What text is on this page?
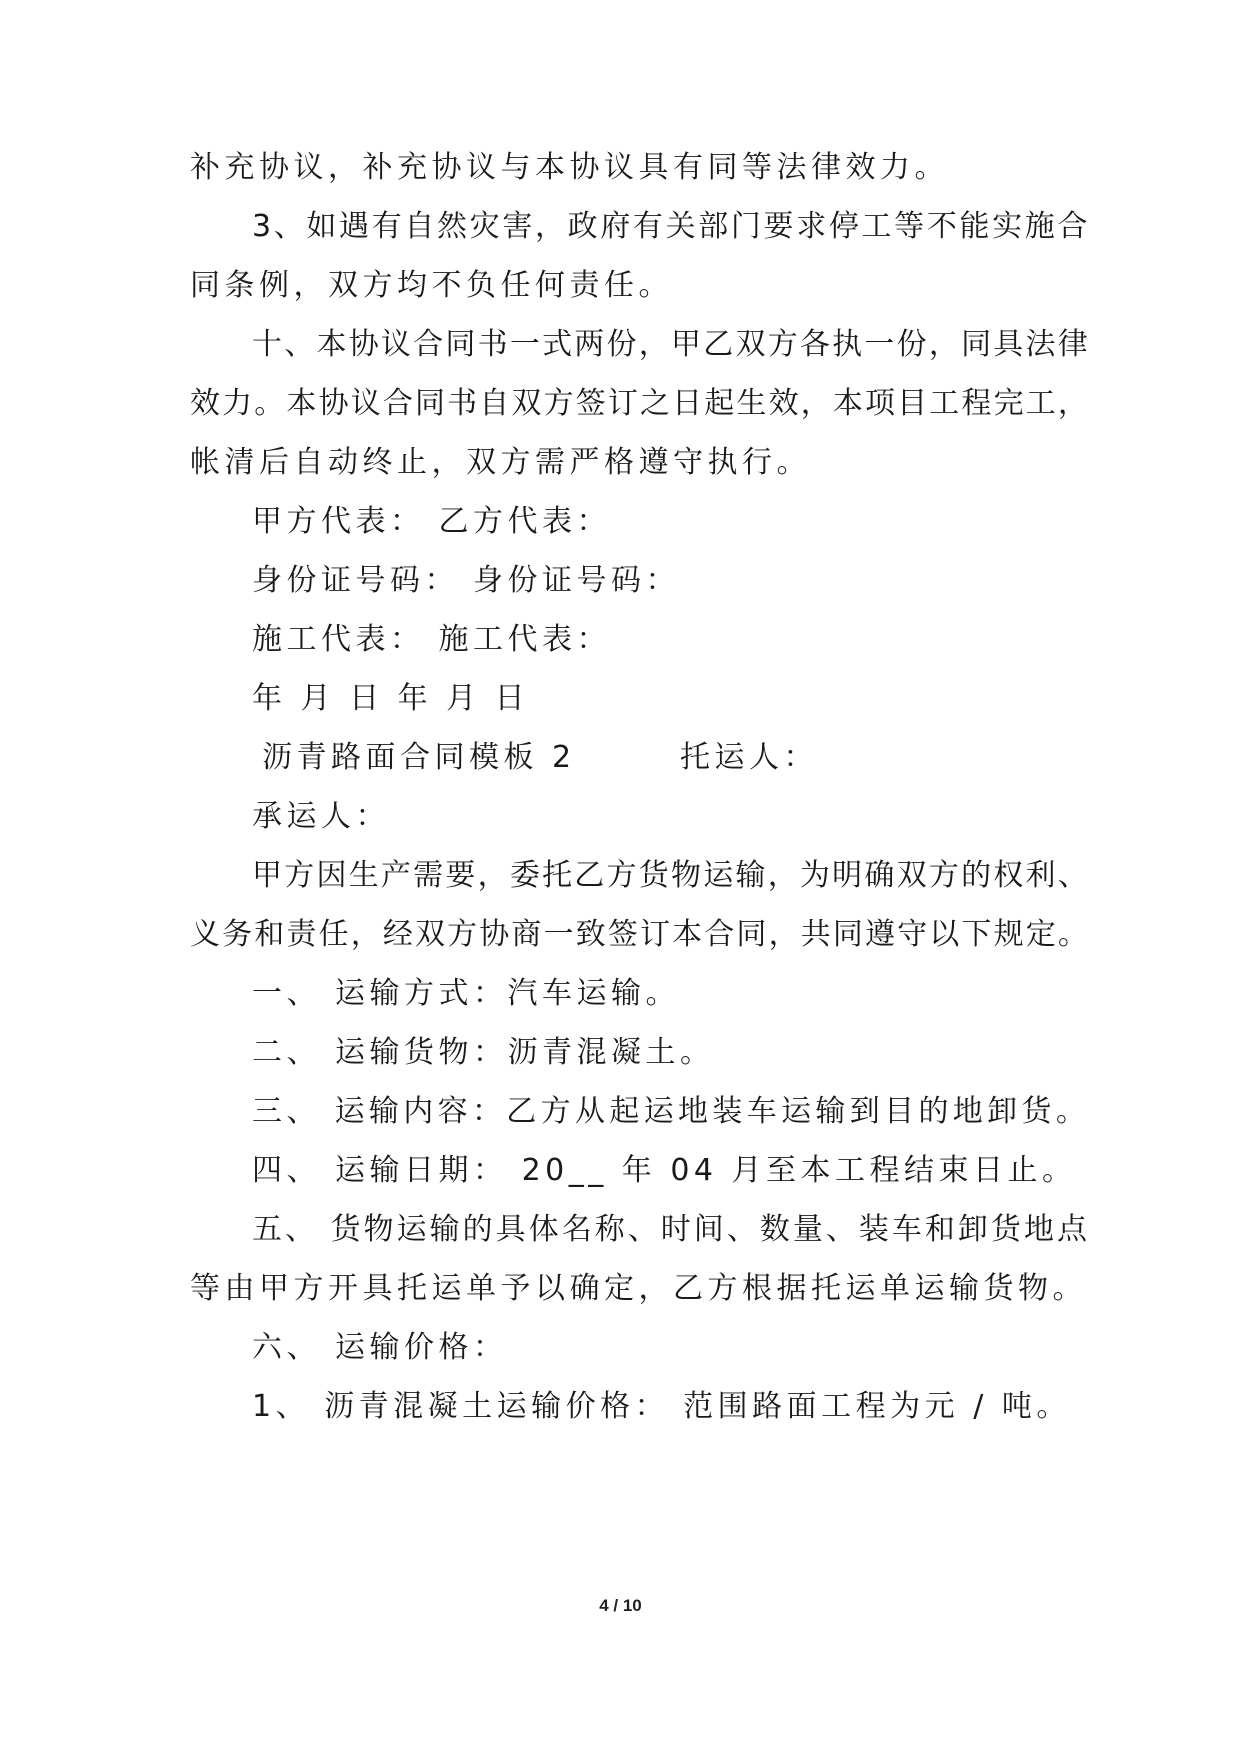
补充协议，补充协议与本协议具有同等法律效力。
3、如遇有自然灾害，政府有关部门要求停工等不能实施合
同条例，双方均不负任何责任。
十、本协议合同书一式两份，甲乙双方各执一份，同具法律
效力。本协议合同书自双方签订之日起生效，本项目工程完工，
帐清后自动终止，双方需严格遵守执行。
甲方代表： 乙方代表：
身份证号码： 身份证号码：
施工代表： 施工代表：
年 月 日 年 月 日
沥青路面合同模板 2	托运人：
承运人：
甲方因生产需要，委托乙方货物运输，为明确双方的权利、
义务和责任，经双方协商一致签订本合同，共同遵守以下规定。
一、 运输方式：汽车运输。
二、 运输货物：沥青混凝土。
三、 运输内容：乙方从起运地装车运输到目的地卸货。
四、 运输日期： 20__ 年 04 月至本工程结束日止。
五、 货物运输的具体名称、时间、数量、装车和卸货地点
等由甲方开具托运单予以确定，乙方根据托运单运输货物。
六、 运输价格：
1、 沥青混凝土运输价格： 范围路面工程为元 / 吨。
4 / 10
